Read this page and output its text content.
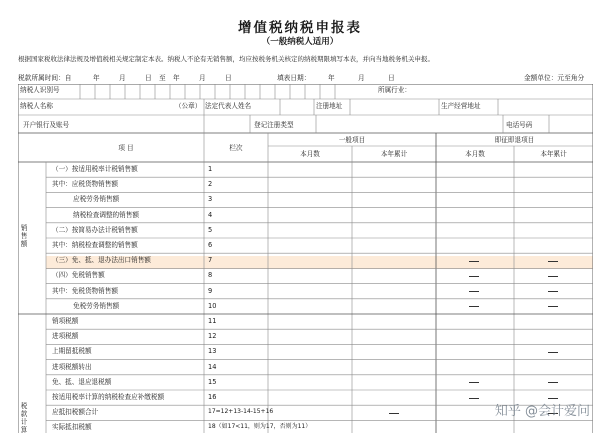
增值税纳税申报表
（一般纳税人适用）
根据国家税收法律法规及增值税相关规定制定本表。纳税人不论有无销售额，均应按税务机关核定的纳税期限填写本表，并向当地税务机关申报。
税款所属时间：自	年	月	日 至 年	月	日	填表日期：	年	月	日	金额单位：元至角分
纳税人识别号	所属行业：
纳税人名称	（公章） 法定代表人姓名	注册地址	生产经营地址
开户银行及账号	登记注册类型	电话号码
项 目	栏次
一般项目	即征即退项目
本月数	本年累计	本月数	本年累计
销售额
税款计算
（一）按适用税率计税销售额	1
其中：应税货物销售额	2
应税劳务销售额	3
纳税检查调整的销售额	4
（二）按简易办法计税销售额	5
其中：纳税检查调整的销售额	6
（三）免、抵、退办法出口销售额	7
（四）免税销售额	8
其中：免税货物销售额	9
免税劳务销售额	10
销项税额	11
进项税额	12
上期留抵税额	13
进项税额转出	14
免、抵、退应退税额	15
按适用税率计算的纳税检查应补缴税额	16
应抵扣税额合计	17=12+13-14-15+16
实际抵扣税额	18（如17<11，则为17，否则为11）
知乎 @会计爱问
